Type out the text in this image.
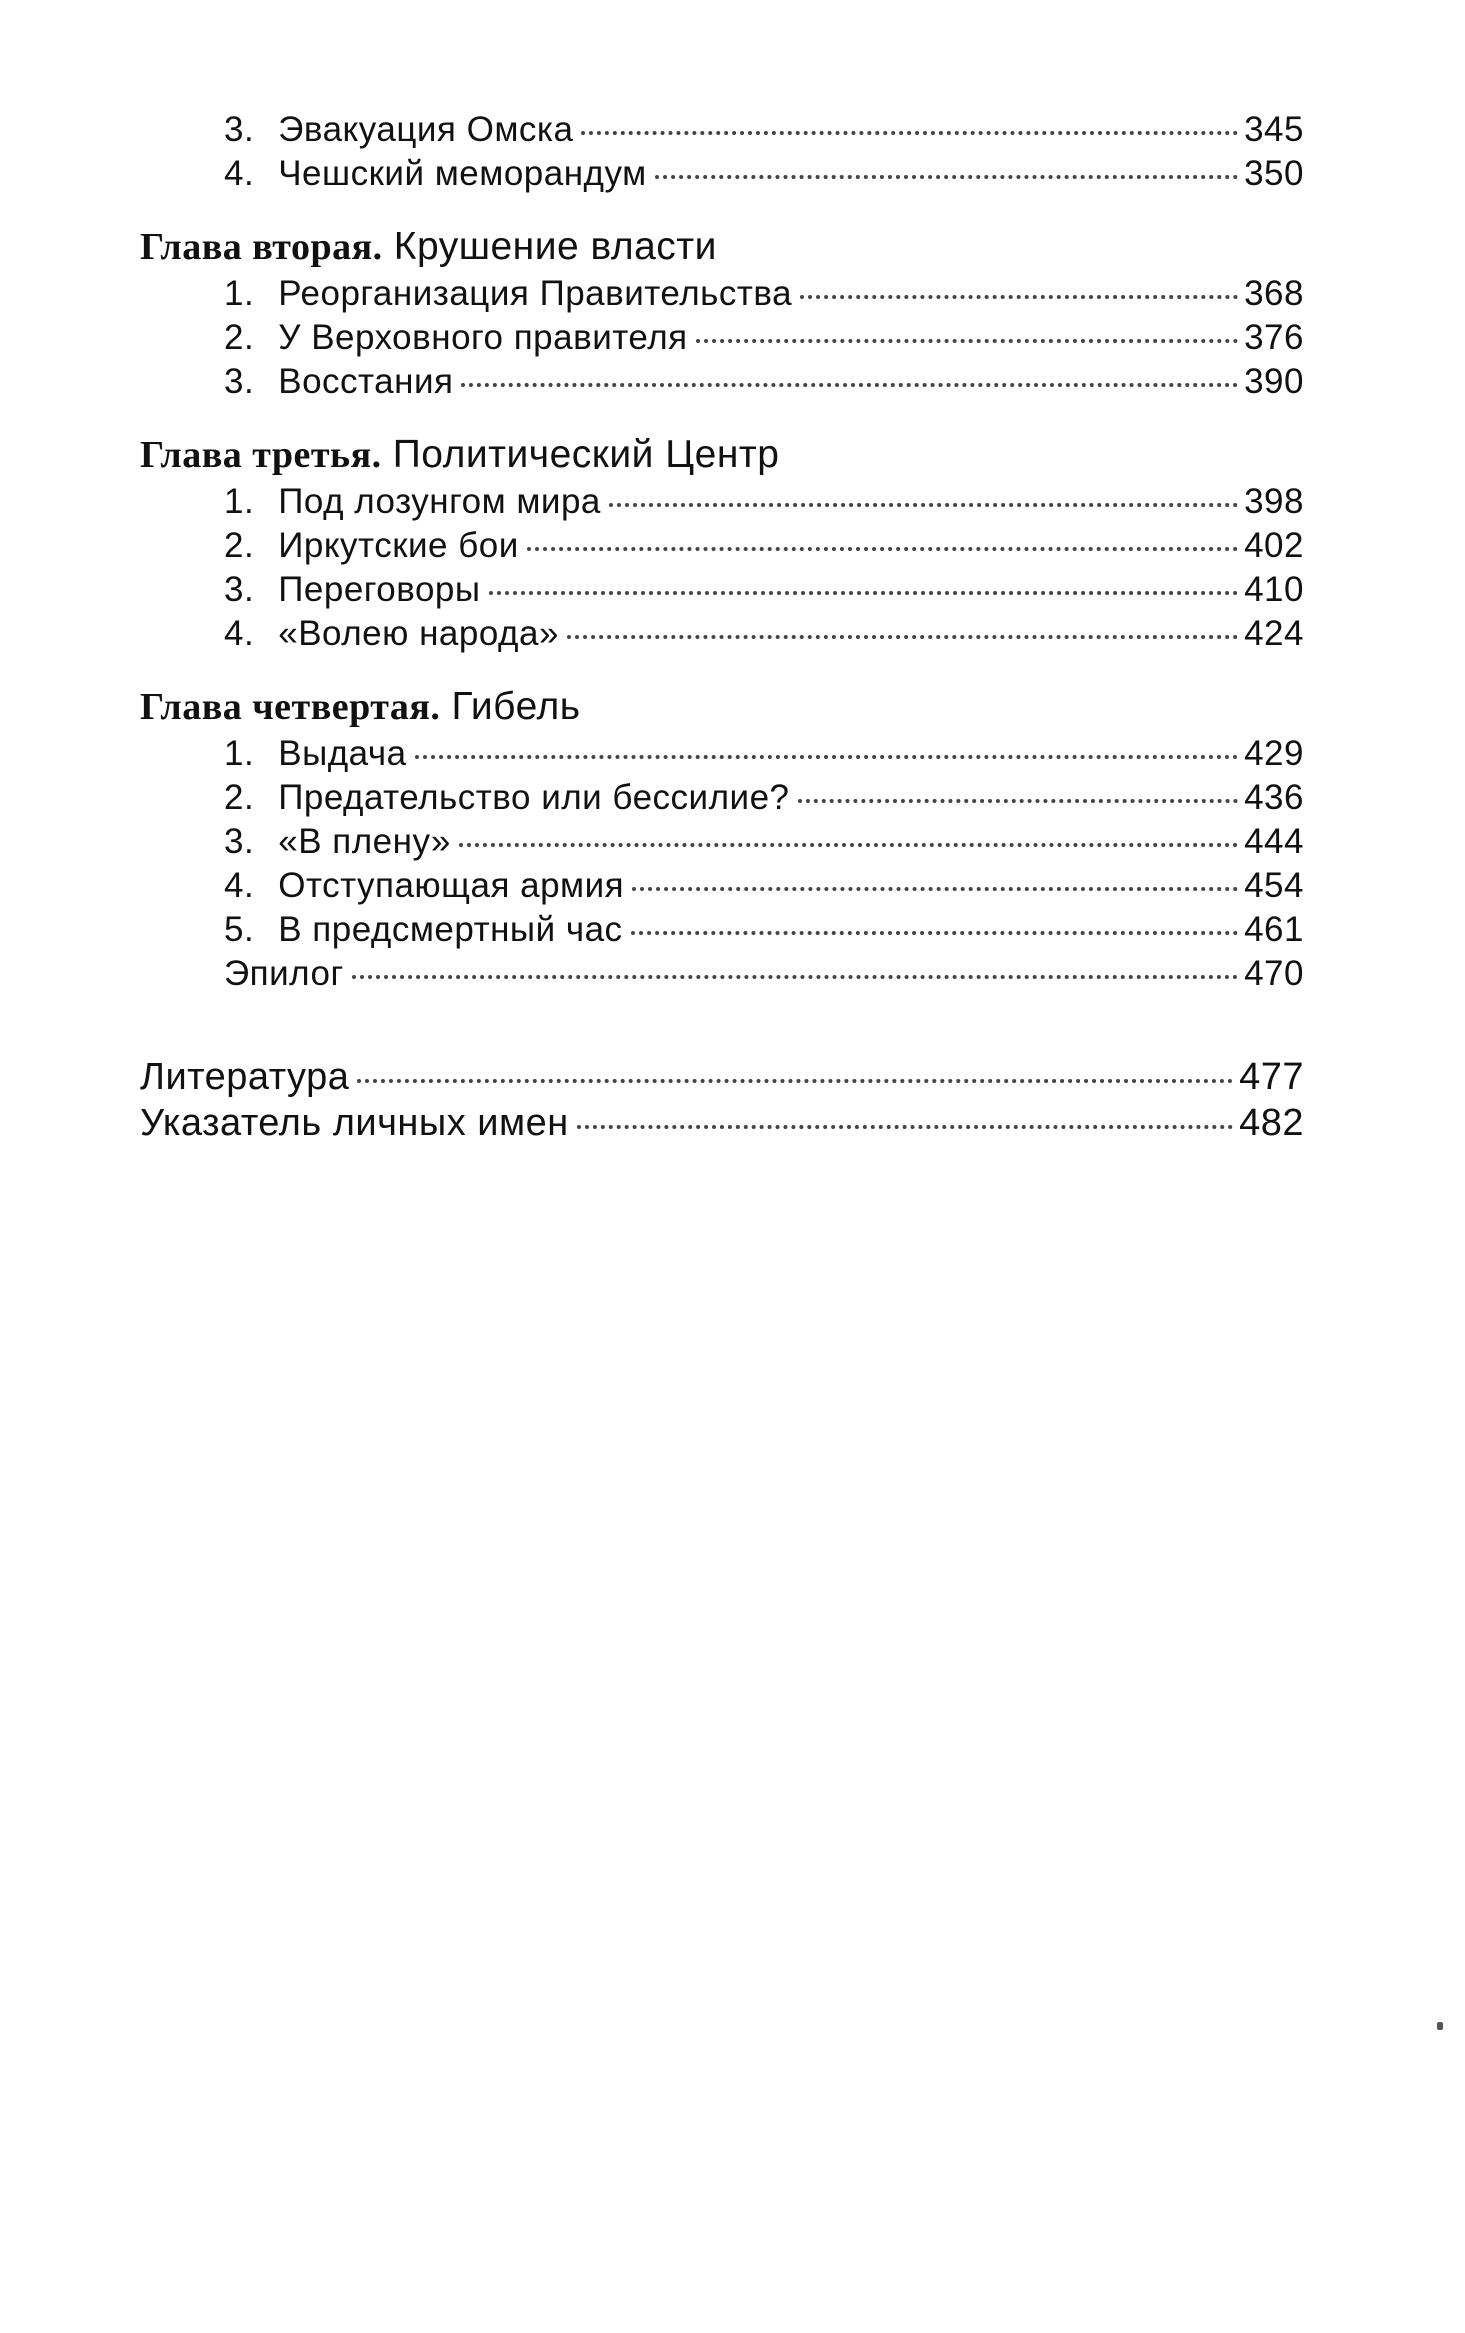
3. Эвакуация Омска	345
4. Чешский меморандум	350
Глава вторая. Крушение власти
1. Реорганизация Правительства	368
2. У Верховного правителя	376
3. Восстания	390
Глава третья. Политический Центр
1. Под лозунгом мира	398
2. Иркутские бои	402
3. Переговоры	410
4. «Волею народа»	424
Глава четвертая. Гибель
1. Выдача	429
2. Предательство или бессилие?	436
3. «В плену»	444
4. Отступающая армия	454
5. В предсмертный час	461
Эпилог	470
Литература	477
Указатель личных имен	482
